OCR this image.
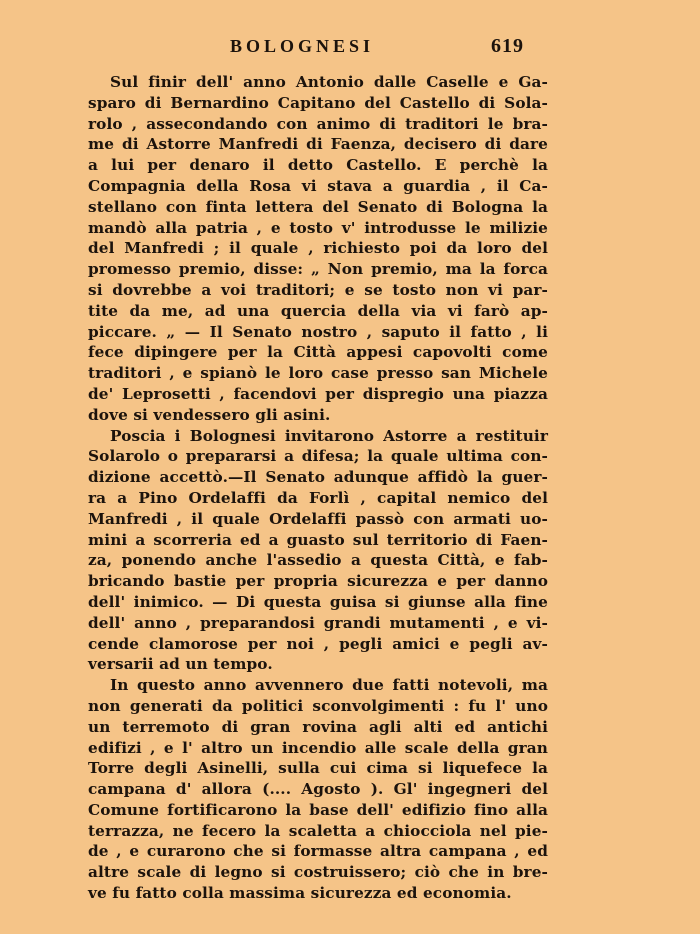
BOLOGNESI	619
Sul finir dell' anno Antonio dalle Caselle e Ga-
sparo di Bernardino Capitano del Castello di Sola-
rolo , assecondando con animo di traditori le bra-
me di Astorre Manfredi di Faenza, decisero di dare
a lui per denaro il detto Castello. E perchè la
Compagnia della Rosa vi stava a guardia , il Ca-
stellano con finta lettera del Senato di Bologna la
mandò alla patria , e tosto v' introdusse le milizie
del Manfredi ; il quale , richiesto poi da loro del
promesso premio, disse: „ Non premio, ma la forca
si dovrebbe a voi traditori; e se tosto non vi par-
tite da me, ad una quercia della via vi farò ap-
piccare. „ — Il Senato nostro , saputo il fatto , li
fece dipingere per la Città appesi capovolti come
traditori , e spianò le loro case presso san Michele
de' Leprosetti , facendovi per dispregio una piazza
dove si vendessero gli asini.
Poscia i Bolognesi invitarono Astorre a restituir
Solarolo o prepararsi a difesa; la quale ultima con-
dizione accettò.—Il Senato adunque affidò la guer-
ra a Pino Ordelaffi da Forlì , capital nemico del
Manfredi , il quale Ordelaffi passò con armati uo-
mini a scorreria ed a guasto sul territorio di Faen-
za, ponendo anche l'assedio a questa Città, e fab-
bricando bastie per propria sicurezza e per danno
dell' inimico. — Di questa guisa si giunse alla fine
dell' anno , preparandosi grandi mutamenti , e vi-
cende clamorose per noi , pegli amici e pegli av-
versarii ad un tempo.
In questo anno avvennero due fatti notevoli, ma
non generati da politici sconvolgimenti : fu l' uno
un terremoto di gran rovina agli alti ed antichi
edifizi , e l' altro un incendio alle scale della gran
Torre degli Asinelli, sulla cui cima si liquefece la
campana d' allora (.... Agosto ). Gl' ingegneri del
Comune fortificarono la base dell' edifizio fino alla
terrazza, ne fecero la scaletta a chiocciola nel pie-
de , e curarono che si formasse altra campana , ed
altre scale di legno si costruissero; ciò che in bre-
ve fu fatto colla massima sicurezza ed economia.
